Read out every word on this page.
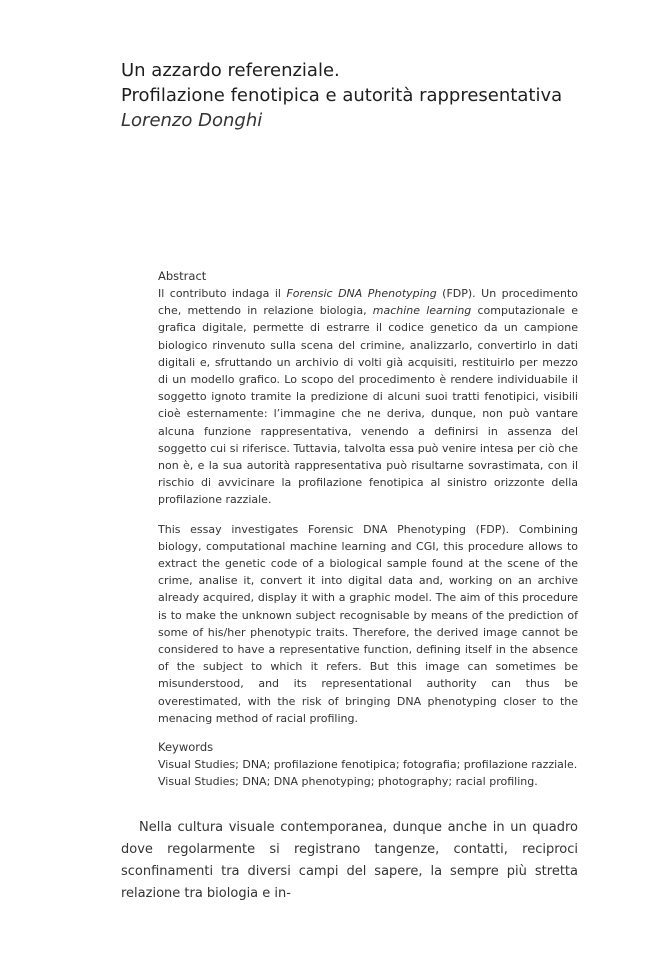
Un azzardo referenziale.
Profilazione fenotipica e autorità rappresentativa
Lorenzo Donghi
Abstract

Il contributo indaga il Forensic DNA Phenotyping (FDP). Un procedimento che, mettendo in relazione biologia, machine learning computazionale e grafica digitale, permette di estrarre il codice genetico da un campione biologico rinvenuto sulla scena del crimine, analizzarlo, convertirlo in dati digitali e, sfruttando un archivio di volti già acquisiti, restituirlo per mezzo di un modello grafico. Lo scopo del procedimento è rendere individuabile il soggetto ignoto tramite la predizione di alcuni suoi tratti fenotipici, visibili cioè esternamente: l’immagine che ne deriva, dunque, non può vantare alcuna funzione rappresentativa, venendo a definirsi in assenza del soggetto cui si riferisce. Tuttavia, talvolta essa può venire intesa per ciò che non è, e la sua autorità rappresentativa può risultarne sovrastimata, con il rischio di avvicinare la profilazione fenotipica al sinistro orizzonte della profilazione razziale.

This essay investigates Forensic DNA Phenotyping (FDP). Combining biology, computational machine learning and CGI, this procedure allows to extract the genetic code of a biological sample found at the scene of the crime, analise it, convert it into digital data and, working on an archive already acquired, display it with a graphic model. The aim of this procedure is to make the unknown subject recognisable by means of the prediction of some of his/her phenotypic traits. Therefore, the derived image cannot be considered to have a representative function, defining itself in the absence of the subject to which it refers. But this image can sometimes be misunderstood, and its representational authority can thus be overestimated, with the risk of bringing DNA phenotyping closer to the menacing method of racial profiling.

Keywords
Visual Studies; DNA; profilazione fenotipica; fotografia; profilazione razziale.
Visual Studies; DNA; DNA phenotyping; photography; racial profiling.

Nella cultura visuale contemporanea, dunque anche in un quadro dove regolarmente si registrano tangenze, contatti, reciproci sconfinamenti tra diversi campi del sapere, la sempre più stretta relazione tra biologia e in-
